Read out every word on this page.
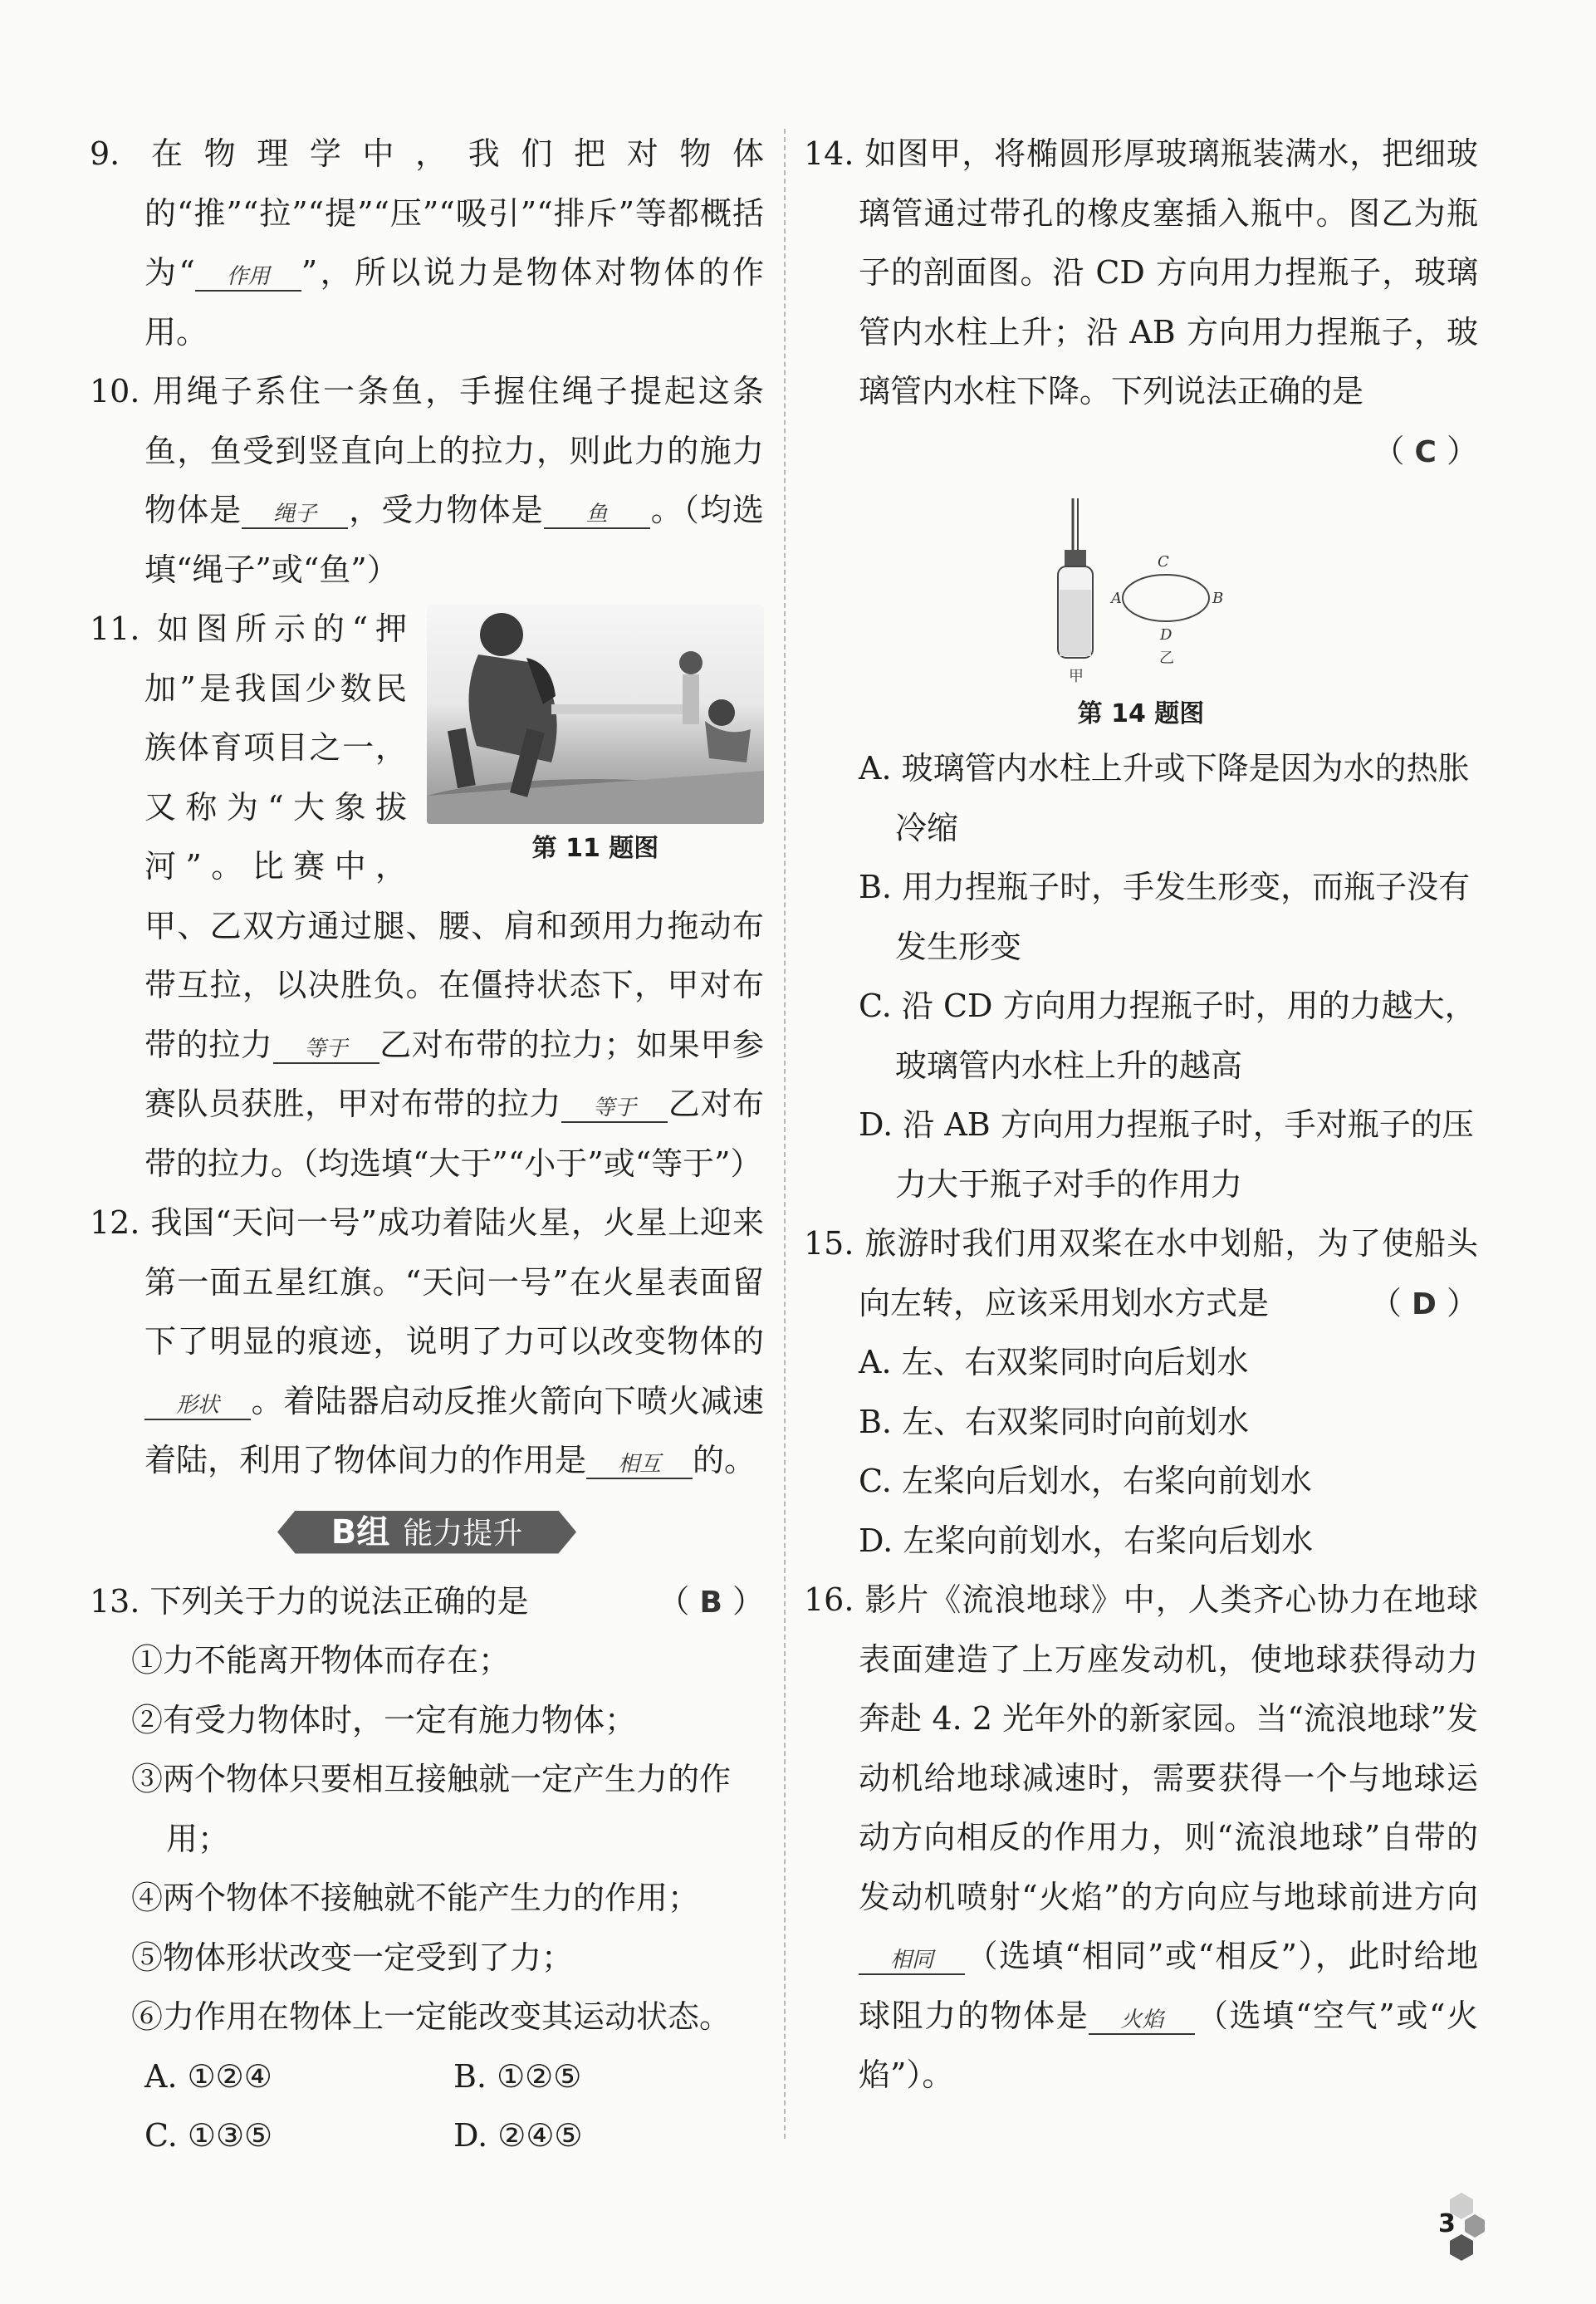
9. 在物理学中，我们把对物体的“推”“拉”“提”“压”“吸引”“排斥”等都概括为“ 作用 ”，所以说力是物体对物体的作用。
10. 用绳子系住一条鱼，手握住绳子提起这条鱼，鱼受到竖直向上的拉力，则此力的施力物体是 绳子 ，受力物体是 鱼 。（均选填“绳子”或“鱼”）
第 11 题图
11. 如图所示的“押加”是我国少数民族体育项目之一，又称为“大象拔河”。比赛中，甲、乙双方通过腿、腰、肩和颈用力拖动布带互拉，以决胜负。在僵持状态下，甲对布带的拉力 等于 乙对布带的拉力；如果甲参赛队员获胜，甲对布带的拉力 等于 乙对布带的拉力。（均选填“大于”“小于”或“等于”）
12. 我国“天问一号”成功着陆火星，火星上迎来第一面五星红旗。“天问一号”在火星表面留下了明显的痕迹，说明了力可以改变物体的形状 。着陆器启动反推火箭向下喷火减速着陆，利用了物体间力的作用是 相互 的。
B组 能力提升
（ B ）
13. 下列关于力的说法正确的是
①力不能离开物体而存在；
②有受力物体时，一定有施力物体；
③两个物体只要相互接触就一定产生力的作用；
④两个物体不接触就不能产生力的作用；
⑤物体形状改变一定受到了力；
⑥力作用在物体上一定能改变其运动状态。
A. ①②④	B. ①②⑤
C. ①③⑤	D. ②④⑤
14. 如图甲，将椭圆形厚玻璃瓶装满水，把细玻璃管通过带孔的橡皮塞插入瓶中。图乙为瓶子的剖面图。沿 CD 方向用力捏瓶子，玻璃管内水柱上升；沿 AB 方向用力捏瓶子，玻璃管内水柱下降。下列说法正确的是
（ C ）
C
A	B
D
甲
乙
第 14 题图
A. 玻璃管内水柱上升或下降是因为水的热胀冷缩
B. 用力捏瓶子时，手发生形变，而瓶子没有发生形变
C. 沿 CD 方向用力捏瓶子时，用的力越大，玻璃管内水柱上升的越高
D. 沿 AB 方向用力捏瓶子时，手对瓶子的压力大于瓶子对手的作用力
15. 旅游时我们用双桨在水中划船，为了使船头向左转，应该采用划水方式是	（ D ）
A. 左、右双桨同时向后划水
B. 左、右双桨同时向前划水
C. 左桨向后划水，右桨向前划水
D. 左桨向前划水，右桨向后划水
16. 影片《流浪地球》中，人类齐心协力在地球表面建造了上万座发动机，使地球获得动力奔赴 4. 2 光年外的新家园。当“流浪地球”发动机给地球减速时，需要获得一个与地球运动方向相反的作用力，则“流浪地球”自带的发动机喷射“火焰”的方向应与地球前进方向相同 （选填“相同”或“相反”），此时给地球阻力的物体是 火焰 （选填“空气”或“火焰”）。
3
